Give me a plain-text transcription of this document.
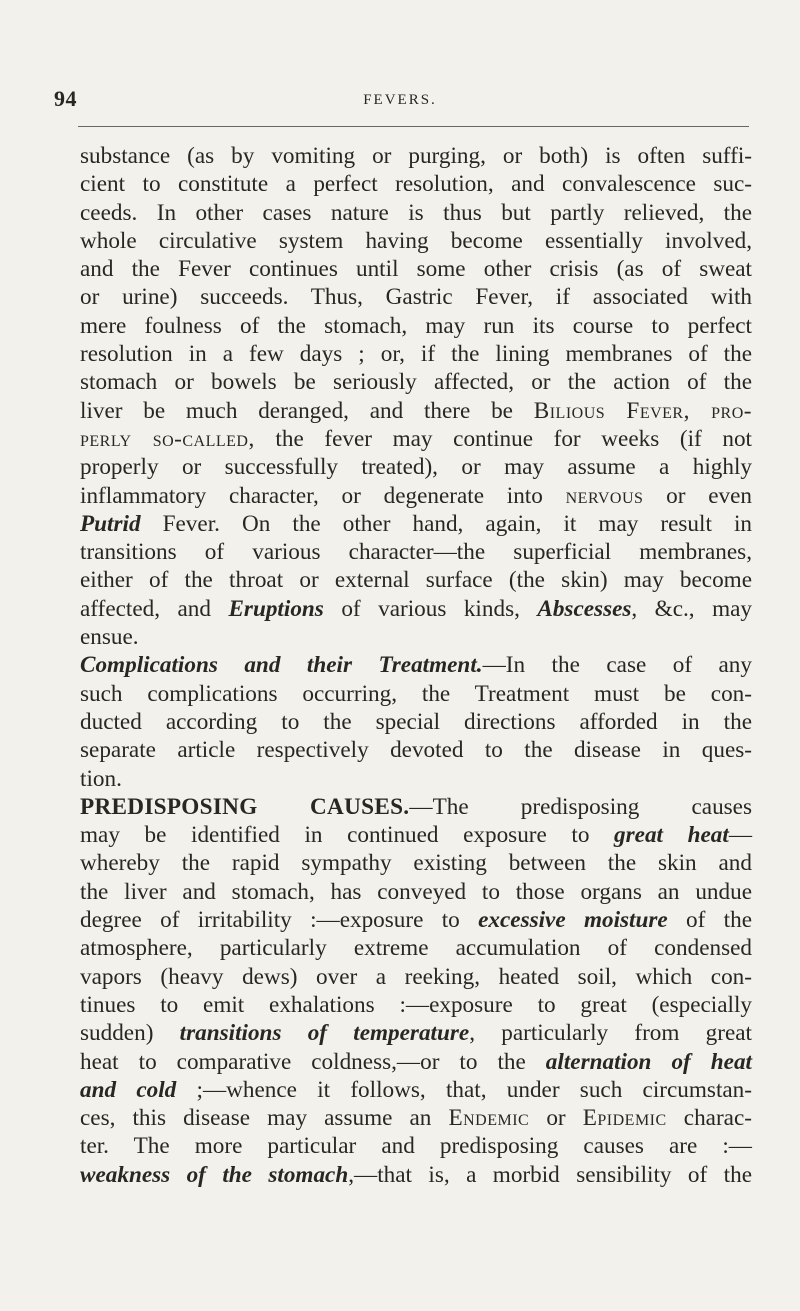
94	FEVERS.

substance (as by vomiting or purging, or both) is often suffi-

cient to constitute a perfect resolution, and convalescence suc-

ceeds. In other cases nature is thus but partly relieved, the

whole circulative system having become essentially involved,

and the Fever continues until some other crisis (as of sweat

or urine) succeeds. Thus, Gastric Fever, if associated with

mere foulness of the stomach, may run its course to perfect

resolution in a few days ; or, if the lining membranes of the

stomach or bowels be seriously affected, or the action of the

liver be much deranged, and there be Bilious Fever, pro-

perly so-called, the fever may continue for weeks (if not

properly or successfully treated), or may assume a highly

inflammatory character, or degenerate into nervous or even

Putrid Fever. On the other hand, again, it may result in

transitions of various character—the superficial membranes,

either of the throat or external surface (the skin) may become

affected, and Eruptions of various kinds, Abscesses, &c., may

ensue.

Complications and their Treatment.—In the case of any

such complications occurring, the Treatment must be con-

ducted according to the special directions afforded in the

separate article respectively devoted to the disease in ques-

tion.

PREDISPOSING CAUSES.—The predisposing causes

may be identified in continued exposure to great heat—

whereby the rapid sympathy existing between the skin and

the liver and stomach, has conveyed to those organs an undue

degree of irritability :—exposure to excessive moisture of the

atmosphere, particularly extreme accumulation of condensed

vapors (heavy dews) over a reeking, heated soil, which con-

tinues to emit exhalations :—exposure to great (especially

sudden) transitions of temperature, particularly from great

heat to comparative coldness,—or to the alternation of heat

and cold ;—whence it follows, that, under such circumstan-

ces, this disease may assume an Endemic or Epidemic charac-

ter. The more particular and predisposing causes are :—

weakness of the stomach,—that is, a morbid sensibility of the
